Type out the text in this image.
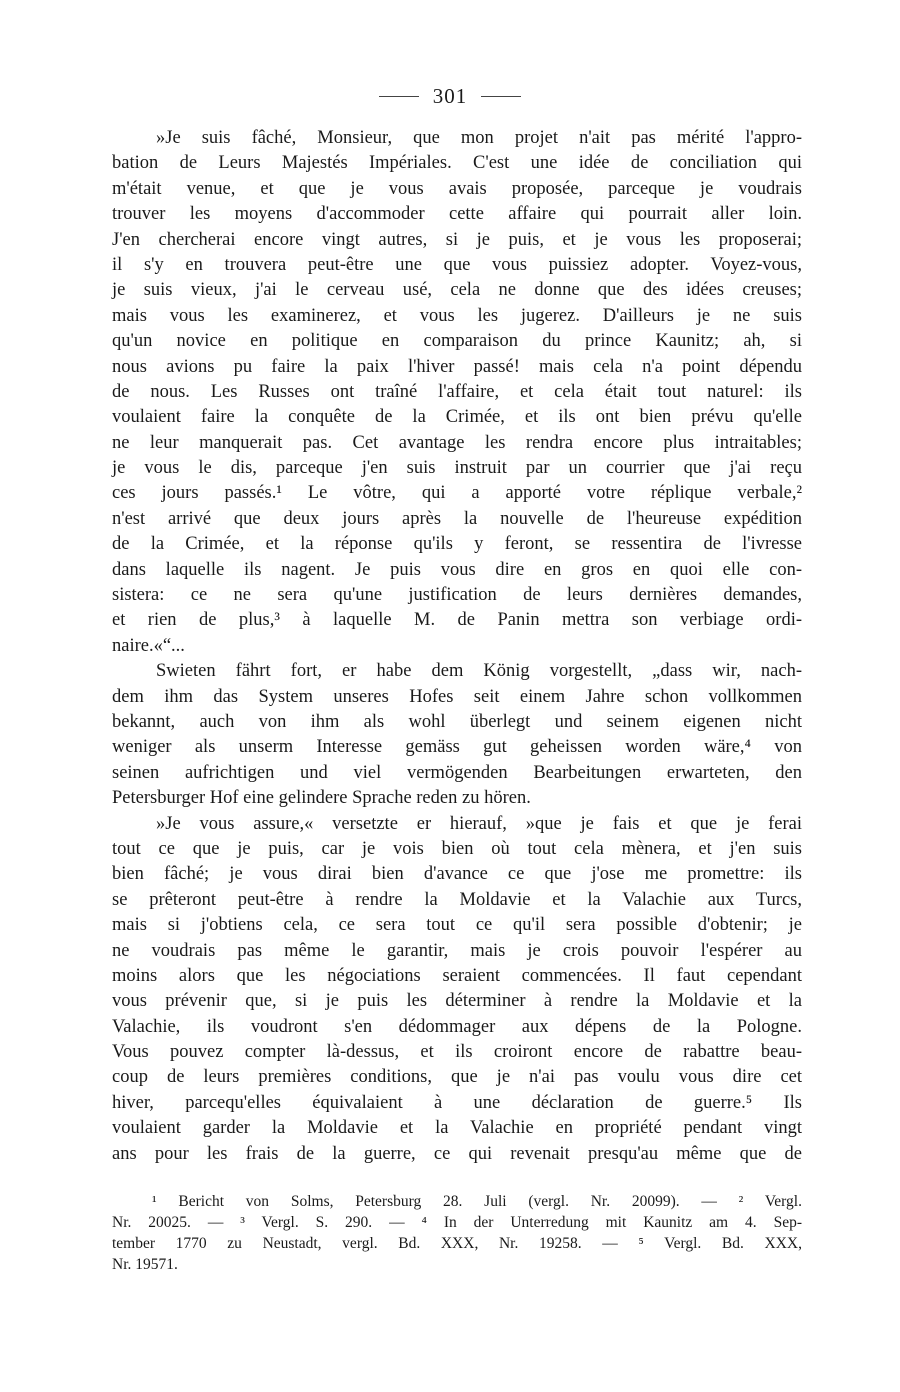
301
»Je suis fâché, Monsieur, que mon projet n'ait pas mérité l'appro-
bation de Leurs Majestés Impériales. C'est une idée de conciliation qui
m'était venue, et que je vous avais proposée, parceque je voudrais
trouver les moyens d'accommoder cette affaire qui pourrait aller loin.
J'en chercherai encore vingt autres, si je puis, et je vous les proposerai;
il s'y en trouvera peut-être une que vous puissiez adopter. Voyez-vous,
je suis vieux, j'ai le cerveau usé, cela ne donne que des idées creuses;
mais vous les examinerez, et vous les jugerez. D'ailleurs je ne suis
qu'un novice en politique en comparaison du prince Kaunitz; ah, si
nous avions pu faire la paix l'hiver passé! mais cela n'a point dépendu
de nous. Les Russes ont traîné l'affaire, et cela était tout naturel: ils
voulaient faire la conquête de la Crimée, et ils ont bien prévu qu'elle
ne leur manquerait pas. Cet avantage les rendra encore plus intraitables;
je vous le dis, parceque j'en suis instruit par un courrier que j'ai reçu
ces jours passés.¹ Le vôtre, qui a apporté votre réplique verbale,²
n'est arrivé que deux jours après la nouvelle de l'heureuse expédition
de la Crimée, et la réponse qu'ils y feront, se ressentira de l'ivresse
dans laquelle ils nagent. Je puis vous dire en gros en quoi elle con-
sistera: ce ne sera qu'une justification de leurs dernières demandes,
et rien de plus,³ à laquelle M. de Panin mettra son verbiage ordi-
naire.«“...
Swieten fährt fort, er habe dem König vorgestellt, „dass wir, nach-
dem ihm das System unseres Hofes seit einem Jahre schon vollkommen
bekannt, auch von ihm als wohl überlegt und seinem eigenen nicht
weniger als unserm Interesse gemäss gut geheissen worden wäre,⁴ von
seinen aufrichtigen und viel vermögenden Bearbeitungen erwarteten, den
Petersburger Hof eine gelindere Sprache reden zu hören.
»Je vous assure,« versetzte er hierauf, »que je fais et que je ferai
tout ce que je puis, car je vois bien où tout cela mènera, et j'en suis
bien fâché; je vous dirai bien d'avance ce que j'ose me promettre: ils
se prêteront peut-être à rendre la Moldavie et la Valachie aux Turcs,
mais si j'obtiens cela, ce sera tout ce qu'il sera possible d'obtenir; je
ne voudrais pas même le garantir, mais je crois pouvoir l'espérer au
moins alors que les négociations seraient commencées. Il faut cependant
vous prévenir que, si je puis les déterminer à rendre la Moldavie et la
Valachie, ils voudront s'en dédommager aux dépens de la Pologne.
Vous pouvez compter là-dessus, et ils croiront encore de rabattre beau-
coup de leurs premières conditions, que je n'ai pas voulu vous dire cet
hiver, parcequ'elles équivalaient à une déclaration de guerre.⁵ Ils
voulaient garder la Moldavie et la Valachie en propriété pendant vingt
ans pour les frais de la guerre, ce qui revenait presqu'au même que de
¹ Bericht von Solms, Petersburg 28. Juli (vergl. Nr. 20099). — ² Vergl.
Nr. 20025. — ³ Vergl. S. 290. — ⁴ In der Unterredung mit Kaunitz am 4. Sep-
tember 1770 zu Neustadt, vergl. Bd. XXX, Nr. 19258. — ⁵ Vergl. Bd. XXX,
Nr. 19571.
